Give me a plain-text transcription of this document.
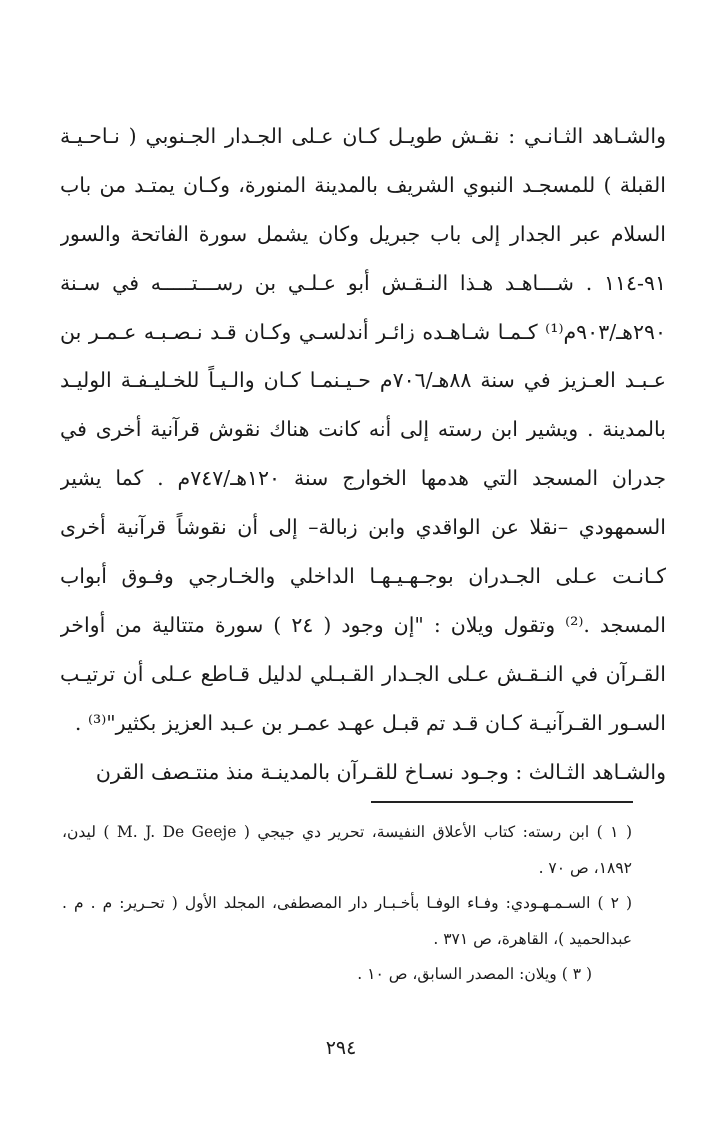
والشـاهد الثـانـي : نقـش طويـل كـان عـلى الجـدار الجـنوبي ( نـاحـيـة
القبلة ) للمسجـد النبوي الشريف بالمدينة المنورة، وكـان يمتـد من باب
السلام عبر الجدار إلى باب جبريل وكان يشمل سورة الفاتحة والسور
٩١-١١٤ . شـــاهـد هـذا النـقـش أبو عـلـي بن رســـتـــــه في سـنة
٢٩٠هـ/٩٠٣م⁽¹⁾ كـمـا شـاهـده زائـر أندلسـي وكـان قـد نـصـبـه عـمـر بن
عـبـد العـزيز في سنة ٨٨هـ/٧٠٦م حـيـنمـا كـان والـيـاً للخـليـفـة الوليـد
بالمدينة . ويشير ابن رسته إلى أنه كانت هناك نقوش قرآنية أخرى في
جدران المسجد التي هدمها الخوارج سنة ١٢٠هـ/٧٤٧م . كما يشير
السمهودي –نقلا عن الواقدي وابن زبالة– إلى أن نقوشاً قرآنية أخرى
كـانـت عـلى الجـدران بوجـهـيـهـا الداخلي والخـارجي وفـوق أبواب
المسجد .⁽²⁾ وتقول ويلان : "إن وجود ( ٢٤ ) سورة متتالية من أواخر
القـرآن في النـقـش عـلى الجـدار القـبـلي لدليل قـاطع عـلى أن ترتيـب
السـور القـرآنيـة كـان قـد تم قبـل عهـد عمـر بن عـبد العزيز بكثير"⁽³⁾ .
والشـاهد الثـالث : وجـود نسـاخ للقـرآن بالمدينـة منذ منتـصف القرن
( ١ ) ابن رسته: كتاب الأعلاق النفيسة، تحرير دي جيجي ( M. J. De Geeje ) ليدن،
١٨٩٢، ص ٧٠ .
( ٢ ) السـمـهـودي: وفـاء الوفـا بأخـبـار دار المصطفى، المجلد الأول ( تحـرير: م . م .
عبدالحميد )، القاهرة، ص ٣٧١ .
( ٣ ) ويلان: المصدر السابق، ص ١٠ .
٢٩٤
